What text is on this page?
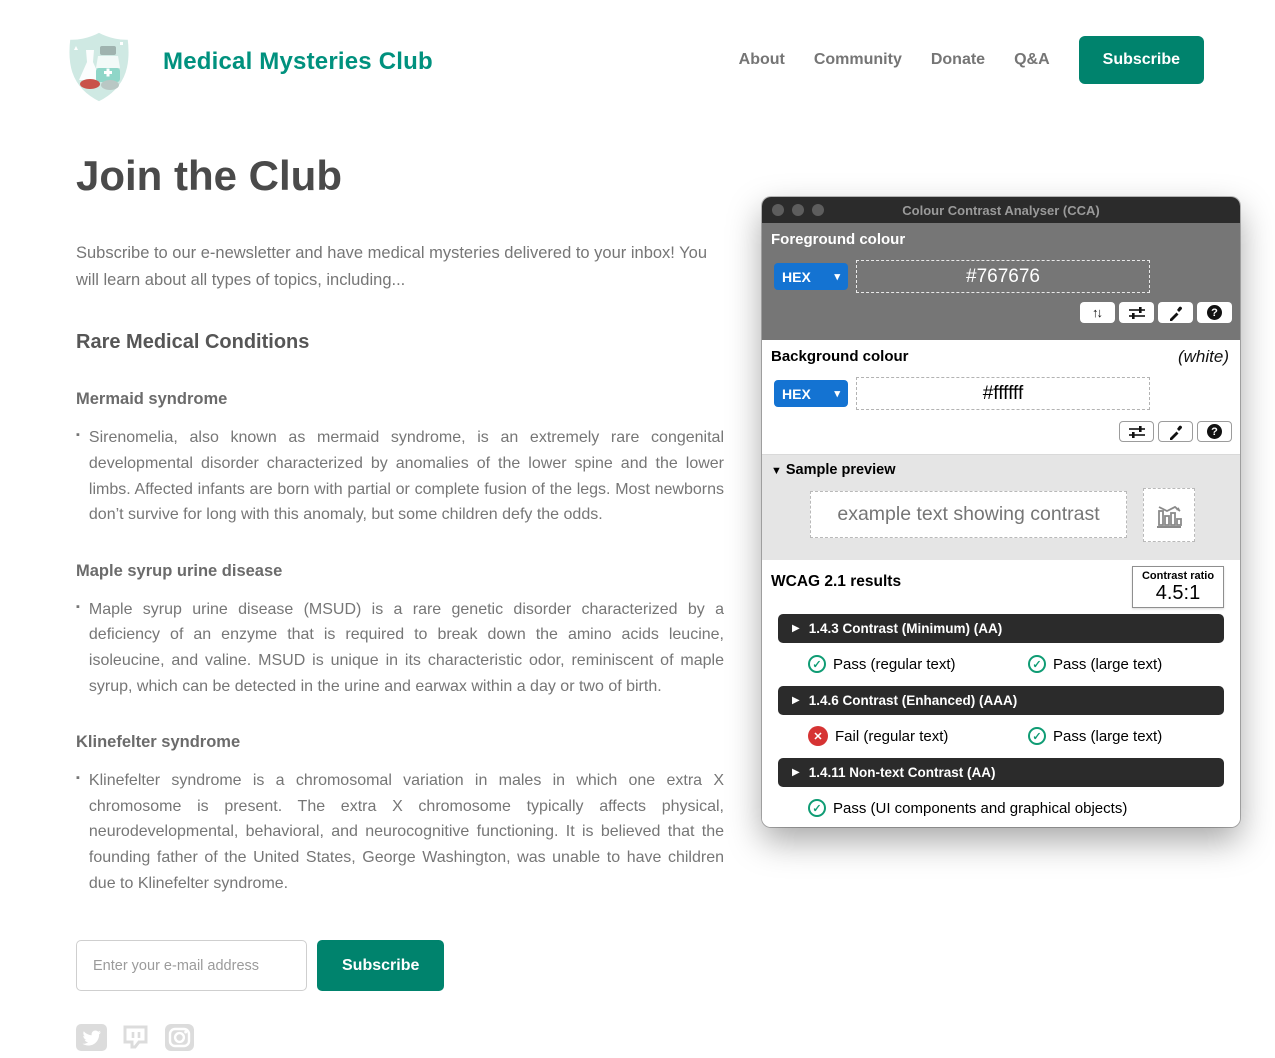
Medical Mysteries Club	About Community Donate Q&A	Subscribe
Join the Club
Subscribe to our e-newsletter and have medical mysteries delivered to your inbox! You will learn about all types of topics, including...
Rare Medical Conditions
Mermaid syndrome
▪ Sirenomelia, also known as mermaid syndrome, is an extremely rare congenital developmental disorder characterized by anomalies of the lower spine and the lower limbs. Affected infants are born with partial or complete fusion of the legs. Most newborns don’t survive for long with this anomaly, but some children defy the odds.
Maple syrup urine disease
▪ Maple syrup urine disease (MSUD) is a rare genetic disorder characterized by a deficiency of an enzyme that is required to break down the amino acids leucine, isoleucine, and valine. MSUD is unique in its characteristic odor, reminiscent of maple syrup, which can be detected in the urine and earwax within a day or two of birth.
Klinefelter syndrome
▪ Klinefelter syndrome is a chromosomal variation in males in which one extra X chromosome is present. The extra X chromosome typically affects physical, neurodevelopmental, behavioral, and neurocognitive functioning. It is believed that the founding father of the United States, George Washington, was unable to have children due to Klinefelter syndrome.
Enter your e-mail address
Subscribe
Colour Contrast Analyser (CCA)
Foreground colour
HEX ▾
#767676
↑↓	?
Background colour	(white)
HEX ▾
#ffffff
?
▼ Sample preview
example text showing contrast
WCAG 2.1 results	Contrast ratio
4.5:1
▶ 1.4.3 Contrast (Minimum) (AA)
✓ Pass (regular text)	✓ Pass (large text)
▶ 1.4.6 Contrast (Enhanced) (AAA)
✕ Fail (regular text)	✓ Pass (large text)
▶ 1.4.11 Non-text Contrast (AA)
✓ Pass (UI components and graphical objects)
